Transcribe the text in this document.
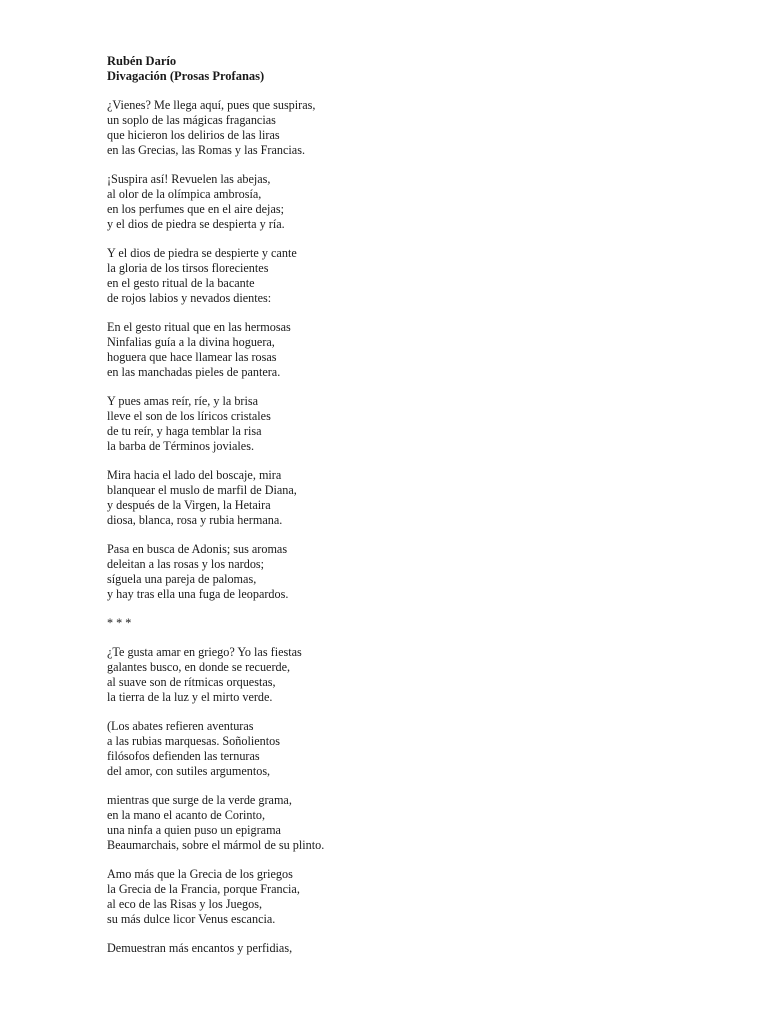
Rubén Darío

Divagación (Prosas Profanas)

¿Vienes? Me llega aquí, pues que suspiras,
un soplo de las mágicas fragancias
que hicieron los delirios de las liras
en las Grecias, las Romas y las Francias.

¡Suspira así! Revuelen las abejas,
al olor de la olímpica ambrosía,
en los perfumes que en el aire dejas;
y el dios de piedra se despierta y ría.

Y el dios de piedra se despierte y cante
la gloria de los tirsos florecientes
en el gesto ritual de la bacante
de rojos labios y nevados dientes:

En el gesto ritual que en las hermosas
Ninfalias guía a la divina hoguera,
hoguera que hace llamear las rosas
en las manchadas pieles de pantera.

Y pues amas reír, ríe, y la brisa
lleve el son de los líricos cristales
de tu reír, y haga temblar la risa
la barba de Términos joviales.

Mira hacia el lado del boscaje, mira
blanquear el muslo de marfil de Diana,
y después de la Virgen, la Hetaira
diosa, blanca, rosa y rubia hermana.

Pasa en busca de Adonis; sus aromas
deleitan a las rosas y los nardos;
síguela una pareja de palomas,
y hay tras ella una fuga de leopardos.

* * *

¿Te gusta amar en griego? Yo las fiestas
galantes busco, en donde se recuerde,
al suave son de rítmicas orquestas,
la tierra de la luz y el mirto verde.

(Los abates refieren aventuras
a las rubias marquesas. Soñolientos
filósofos defienden las ternuras
del amor, con sutiles argumentos,

mientras que surge de la verde grama,
en la mano el acanto de Corinto,
una ninfa a quien puso un epigrama
Beaumarchais, sobre el mármol de su plinto.

Amo más que la Grecia de los griegos
la Grecia de la Francia, porque Francia,
al eco de las Risas y los Juegos,
su más dulce licor Venus escancia.

Demuestran más encantos y perfidias,
